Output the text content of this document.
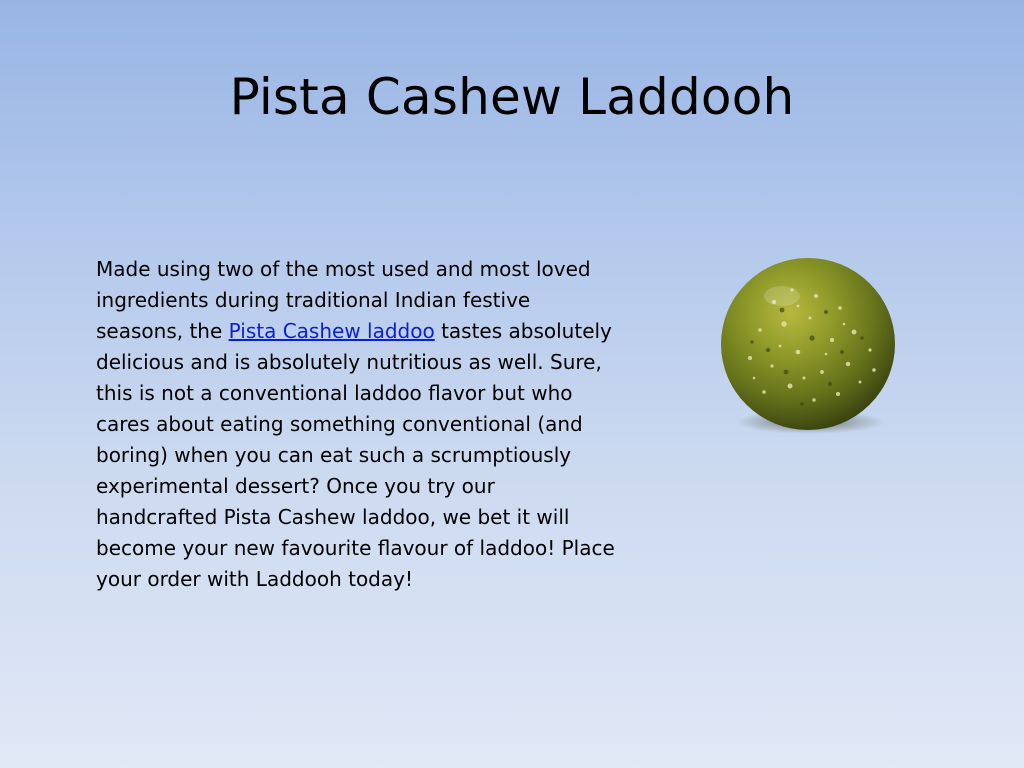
Pista Cashew Laddooh

Made using two of the most used and most loved ingredients during traditional Indian festive seasons, the Pista Cashew laddoo tastes absolutely delicious and is absolutely nutritious as well. Sure, this is not a conventional laddoo flavor but who cares about eating something conventional (and boring) when you can eat such a scrumptiously experimental dessert? Once you try our handcrafted Pista Cashew laddoo, we bet it will become your new favourite flavour of laddoo! Place your order with Laddooh today!
